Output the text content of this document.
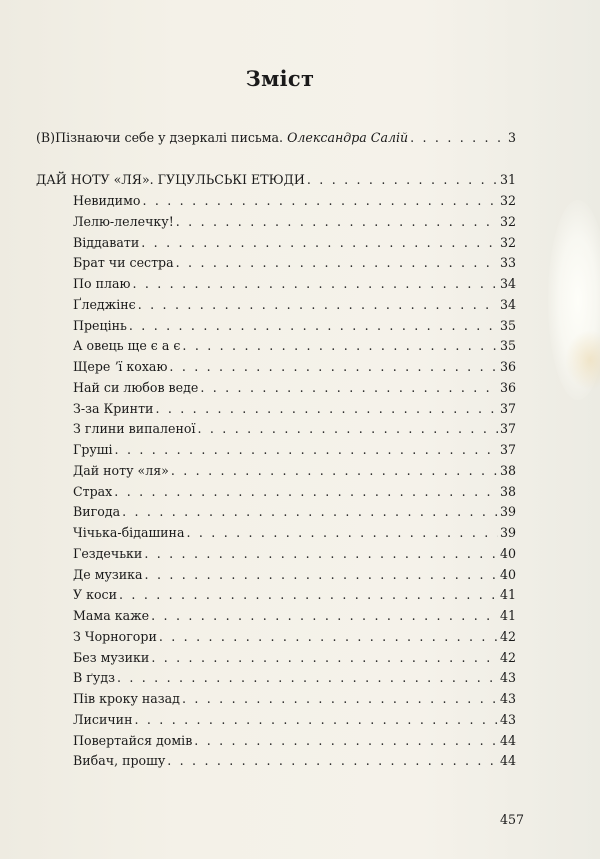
Зміст
(В)Пізнаючи себе у дзеркалі письма. Олександра Салій . . .	3
ДАЙ НОТУ «ЛЯ». ГУЦУЛЬСЬКІ ЕТЮДИ . . .	31
Невидимо . . .	32
Лелю-лелечку! . . .	32
Віддавати . . .	32
Брат чи сестра . . .	33
По плаю . . .	34
Ґледжінє . . .	34
Прецінь . . .	35
А овець ще є а є . . .	35
Щере ʼї кохаю . . .	36
Най си любов веде . . .	36
З-за Кринти . . .	37
З глини випаленої . . .	37
Груші . . .	37
Дай ноту «ля» . . .	38
Страх . . .	38
Вигода . . .	39
Чічька-бідашина . . .	39
Гездечьки . . .	40
Де музика . . .	40
У коси . . .	41
Мама каже . . .	41
З Чорногори . . .	42
Без музики . . .	42
В ґудз . . .	43
Пів кроку назад . . .	43
Лисичин . . .	43
Повертайся домів . . .	44
Вибач, прошу . . .	44
457
